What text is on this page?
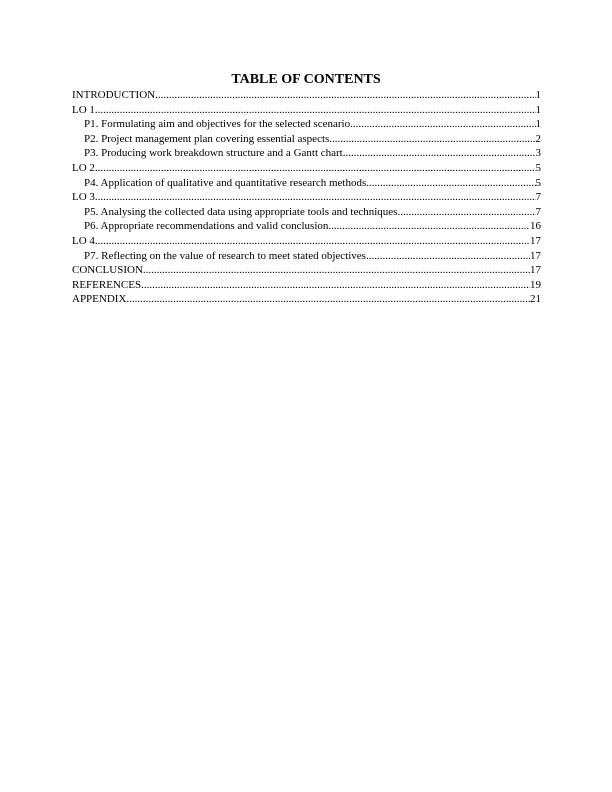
TABLE OF CONTENTS
INTRODUCTION .....	1
LO 1 .....	1
P1. Formulating aim and objectives for the selected scenario .....	1
P2. Project management plan covering essential aspects .....	2
P3. Producing work breakdown structure and a Gantt chart .....	3
LO 2 .....	5
P4. Application of qualitative and quantitative research methods .....	5
LO 3 .....	7
P5. Analysing the collected data using appropriate tools and techniques .....	7
P6. Appropriate recommendations and valid conclusion .....	16
LO 4 .....	17
P7. Reflecting on the value of research to meet stated objectives .....	17
CONCLUSION .....	17
REFERENCES .....	19
APPENDIX .....	21
